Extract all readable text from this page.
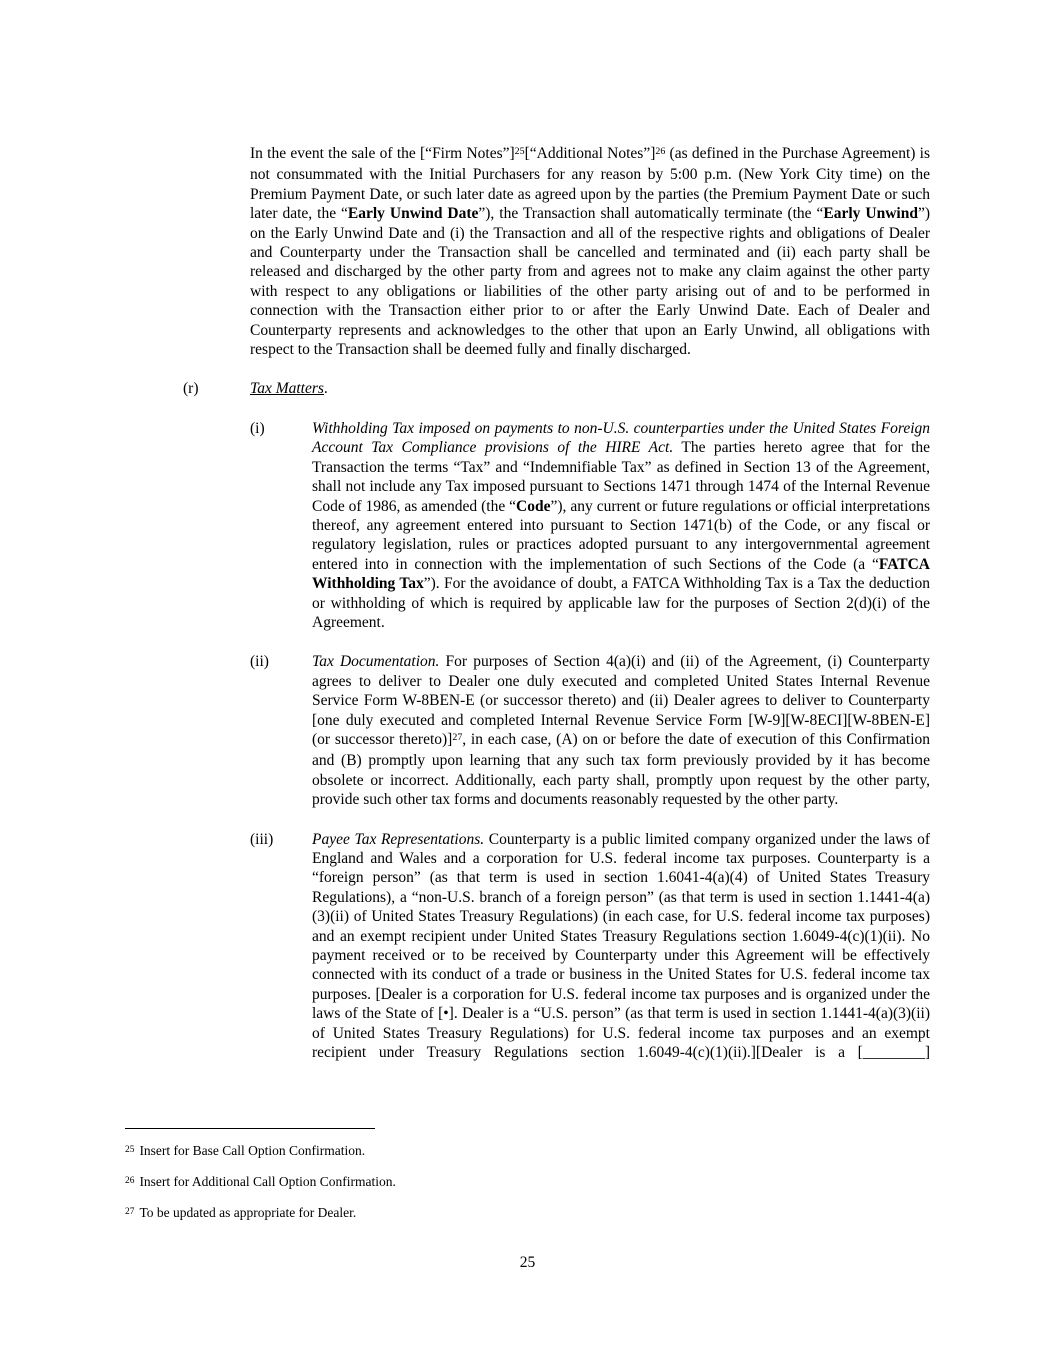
In the event the sale of the [“Firm Notes”]$^{25}$[“Additional Notes”]$^{26}$ (as defined in the Purchase Agreement) is not consummated with the Initial Purchasers for any reason by 5:00 p.m. (New York City time) on the Premium Payment Date, or such later date as agreed upon by the parties (the Premium Payment Date or such later date, the “Early Unwind Date”), the Transaction shall automatically terminate (the “Early Unwind”) on the Early Unwind Date and (i) the Transaction and all of the respective rights and obligations of Dealer and Counterparty under the Transaction shall be cancelled and terminated and (ii) each party shall be released and discharged by the other party from and agrees not to make any claim against the other party with respect to any obligations or liabilities of the other party arising out of and to be performed in connection with the Transaction either prior to or after the Early Unwind Date. Each of Dealer and Counterparty represents and acknowledges to the other that upon an Early Unwind, all obligations with respect to the Transaction shall be deemed fully and finally discharged.

(r)	Tax Matters.
(i)	Withholding Tax imposed on payments to non-U.S. counterparties under the United States Foreign Account Tax Compliance provisions of the HIRE Act. The parties hereto agree that for the Transaction the terms “Tax” and “Indemnifiable Tax” as defined in Section 13 of the Agreement, shall not include any Tax imposed pursuant to Sections 1471 through 1474 of the Internal Revenue Code of 1986, as amended (the “Code”), any current or future regulations or official interpretations thereof, any agreement entered into pursuant to Section 1471(b) of the Code, or any fiscal or regulatory legislation, rules or practices adopted pursuant to any intergovernmental agreement entered into in connection with the implementation of such Sections of the Code (a “FATCA Withholding Tax”). For the avoidance of doubt, a FATCA Withholding Tax is a Tax the deduction or withholding of which is required by applicable law for the purposes of Section 2(d)(i) of the Agreement.

(ii)	Tax Documentation. For purposes of Section 4(a)(i) and (ii) of the Agreement, (i) Counterparty agrees to deliver to Dealer one duly executed and completed United States Internal Revenue Service Form W-8BEN-E (or successor thereto) and (ii) Dealer agrees to deliver to Counterparty [one duly executed and completed Internal Revenue Service Form [W-9][W-8ECI][W-8BEN-E] (or successor thereto)]$^{27}$, in each case, (A) on or before the date of execution of this Confirmation and (B) promptly upon learning that any such tax form previously provided by it has become obsolete or incorrect. Additionally, each party shall, promptly upon request by the other party, provide such other tax forms and documents reasonably requested by the other party.

(iii)	Payee Tax Representations. Counterparty is a public limited company organized under the laws of England and Wales and a corporation for U.S. federal income tax purposes. Counterparty is a “foreign person” (as that term is used in section 1.6041-4(a)(4) of United States Treasury Regulations), a “non-U.S. branch of a foreign person” (as that term is used in section 1.1441-4(a)(3)(ii) of United States Treasury Regulations) (in each case, for U.S. federal income tax purposes) and an exempt recipient under United States Treasury Regulations section 1.6049-4(c)(1)(ii). No payment received or to be received by Counterparty under this Agreement will be effectively connected with its conduct of a trade or business in the United States for U.S. federal income tax purposes. [Dealer is a corporation for U.S. federal income tax purposes and is organized under the laws of the State of [•]. Dealer is a “U.S. person” (as that term is used in section 1.1441-4(a)(3)(ii) of United States Treasury Regulations) for U.S. federal income tax purposes and an exempt recipient under Treasury Regulations section 1.6049-4(c)(1)(ii).][Dealer is a [________]

$^{25}$ Insert for Base Call Option Confirmation.

$^{26}$ Insert for Additional Call Option Confirmation.

$^{27}$ To be updated as appropriate for Dealer.

25
